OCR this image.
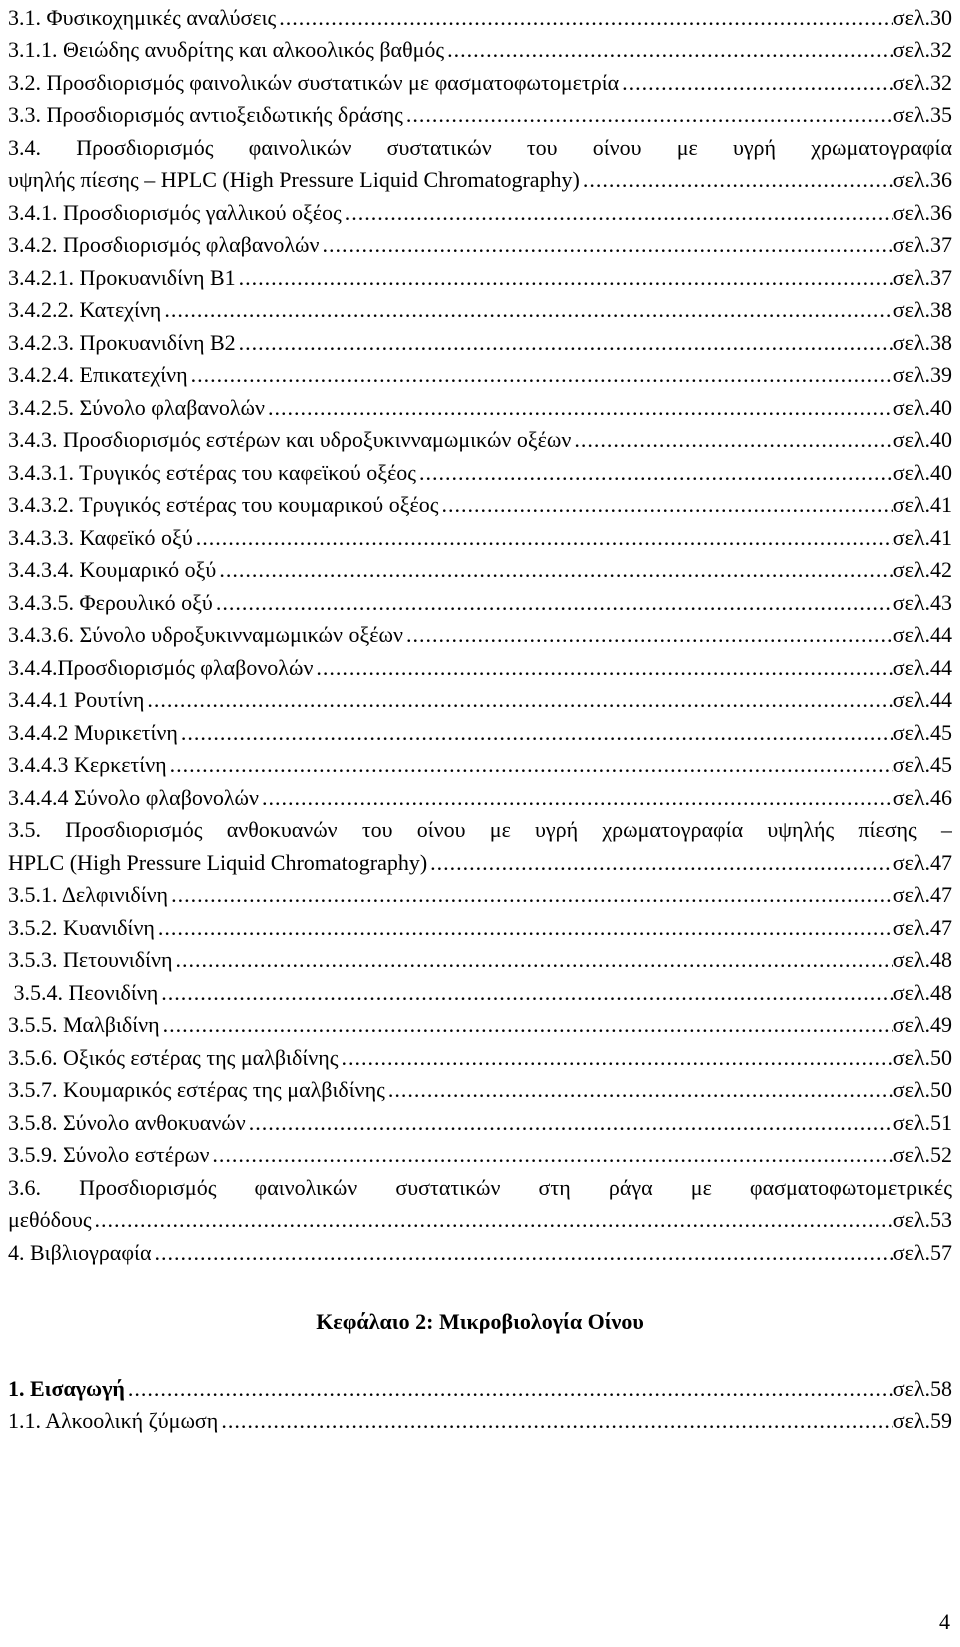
3.1. Φυσικοχημικές αναλύσεις .....	σελ.30
3.1.1. Θειώδης ανυδρίτης και αλκοολικός βαθμός .....	σελ.32
3.2. Προσδιορισμός φαινολικών συστατικών με φασματοφωτομετρία .....	σελ.32
3.3. Προσδιορισμός αντιοξειδωτικής δράσης .....	σελ.35
3.4. Προσδιορισμός φαινολικών συστατικών του οίνου με υγρή χρωματογραφία
υψηλής πίεσης – HPLC (High Pressure Liquid Chromatography) .....	σελ.36
3.4.1. Προσδιορισμός γαλλικού οξέος .....	σελ.36
3.4.2. Προσδιορισμός φλαβανολών .....	σελ.37
3.4.2.1. Προκυανιδίνη Β1 .....	σελ.37
3.4.2.2. Κατεχίνη .....	σελ.38
3.4.2.3. Προκυανιδίνη Β2 .....	σελ.38
3.4.2.4. Επικατεχίνη .....	σελ.39
3.4.2.5. Σύνολο φλαβανολών .....	σελ.40
3.4.3. Προσδιορισμός εστέρων και υδροξυκινναμωμικών οξέων .....	σελ.40
3.4.3.1. Τρυγικός εστέρας του καφεϊκού οξέος .....	σελ.40
3.4.3.2. Τρυγικός εστέρας του κουμαρικού οξέος .....	σελ.41
3.4.3.3. Καφεϊκό οξύ .....	σελ.41
3.4.3.4. Κουμαρικό οξύ .....	σελ.42
3.4.3.5. Φερουλικό οξύ .....	σελ.43
3.4.3.6. Σύνολο υδροξυκινναμωμικών οξέων .....	σελ.44
3.4.4.Προσδιορισμός φλαβονολών .....	σελ.44
3.4.4.1 Ρουτίνη .....	σελ.44
3.4.4.2 Μυρικετίνη .....	σελ.45
3.4.4.3 Κερκετίνη .....	σελ.45
3.4.4.4 Σύνολο φλαβονολών .....	σελ.46
3.5. Προσδιορισμός ανθοκυανών του οίνου με υγρή χρωματογραφία υψηλής πίεσης –
HPLC (High Pressure Liquid Chromatography) .....	σελ.47
3.5.1. Δελφινιδίνη .....	σελ.47
3.5.2. Κυανιδίνη .....	σελ.47
3.5.3. Πετουνιδίνη .....	σελ.48
3.5.4. Πεονιδίνη .....	σελ.48
3.5.5. Μαλβιδίνη .....	σελ.49
3.5.6. Οξικός εστέρας της μαλβιδίνης .....	σελ.50
3.5.7. Κουμαρικός εστέρας της μαλβιδίνης .....	σελ.50
3.5.8. Σύνολο ανθοκυανών .....	σελ.51
3.5.9. Σύνολο εστέρων .....	σελ.52
3.6. Προσδιορισμός φαινολικών συστατικών στη ράγα με φασματοφωτομετρικές
μεθόδους .....	σελ.53
4. Βιβλιογραφία .....	σελ.57
Κεφάλαιο 2: Μικροβιολογία Οίνου
1. Εισαγωγή .....	σελ.58
1.1. Αλκοολική ζύμωση .....	σελ.59
4
